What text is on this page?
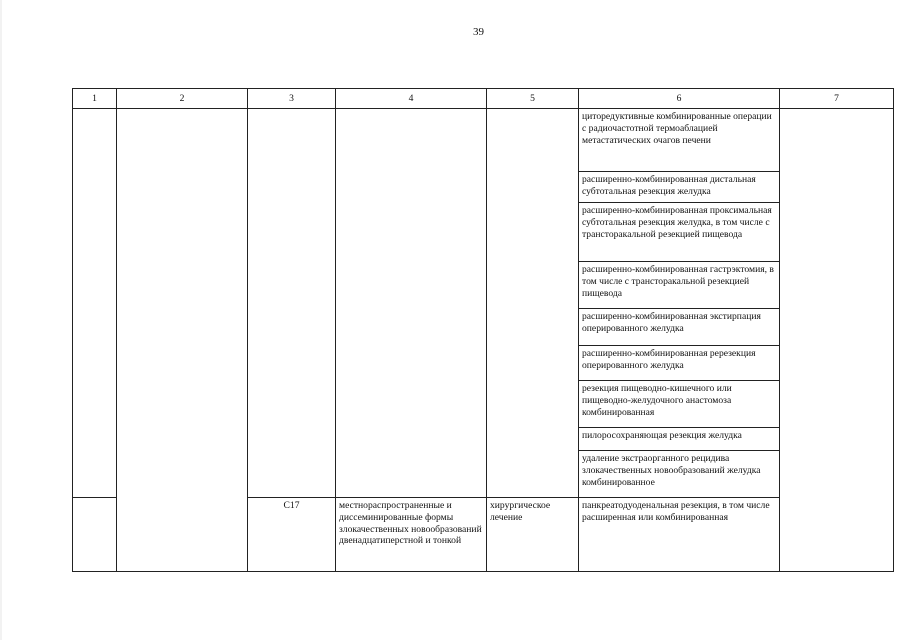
39
1	2	3	4	5	6	7
					циторедуктивные комбинированные операции с радиочастотной термоаблацией метастатических очагов печени	
					расширенно-комбинированная дистальная субтотальная резекция желудка	
					расширенно-комбинированная проксимальная субтотальная резекция желудка, в том числе с трансторакальной резекцией пищевода	
					расширенно-комбинированная гастрэктомия, в том числе с трансторакальной резекцией пищевода	
					расширенно-комбинированная экстирпация оперированного желудка	
					расширенно-комбинированная ререзекция оперированного желудка	
					резекция пищеводно-кишечного или пищеводно-желудочного анастомоза комбинированная	
					пилоросохраняющая резекция желудка	
					удаление экстраорганного рецидива злокачественных новообразований желудка комбинированное	
		C17	местнораспространенные и диссеминированные формы злокачественных новообразований двенадцатиперстной и тонкой	хирургическое лечение	панкреатодуоденальная резекция, в том числе расширенная или комбинированная	
